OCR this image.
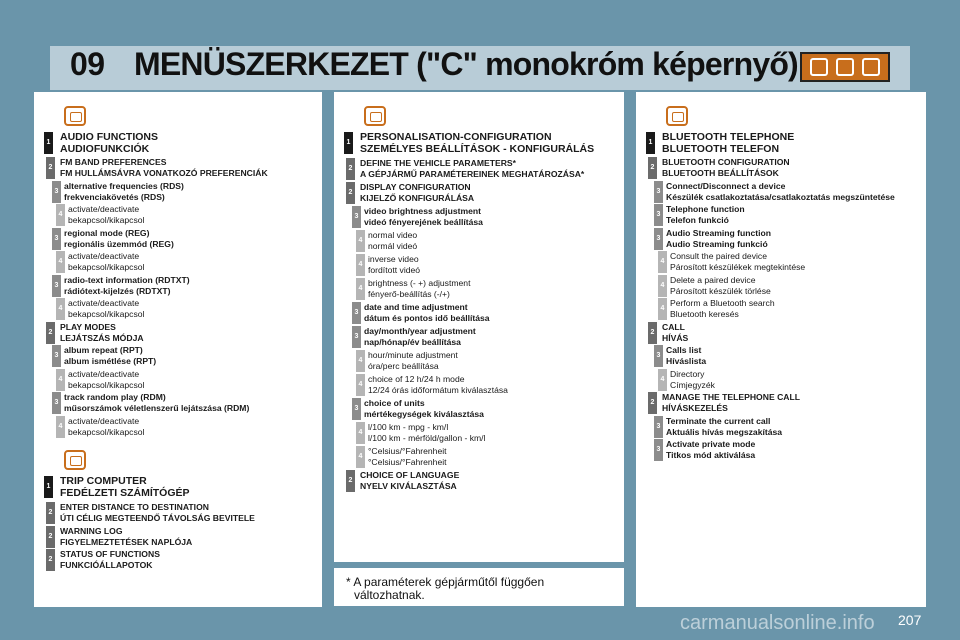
09 MENÜSZERKEZET ("C" monokróm képernyő)
1 AUDIO FUNCTIONS
AUDIOFUNKCIÓK
2
FM BAND PREFERENCES
FM HULLÁMSÁVRA VONATKOZÓ PREFERENCIÁK
3
alternative frequencies (RDS)
frekvenciakövetés (RDS)
4
activate/deactivate
bekapcsol/kikapcsol
3
regional mode (REG)
regionális üzemmód (REG)
4
activate/deactivate
bekapcsol/kikapcsol
3
radio-text information (RDTXT)
rádiótext-kijelzés (RDTXT)
4
activate/deactivate
bekapcsol/kikapcsol
2
PLAY MODES
LEJÁTSZÁS MÓDJA
3
album repeat (RPT)
album ismétlése (RPT)
4
activate/deactivate
bekapcsol/kikapcsol
3
track random play (RDM)
műsorszámok véletlenszerű lejátszása (RDM)
4
activate/deactivate
bekapcsol/kikapcsol
1 TRIP COMPUTER
FEDÉLZETI SZÁMÍTÓGÉP
2
ENTER DISTANCE TO DESTINATION
ÚTI CÉLIG MEGTEENDŐ TÁVOLSÁG BEVITELE
2
WARNING LOG
FIGYELMEZTETÉSEK NAPLÓJA
2
STATUS OF FUNCTIONS
FUNKCIÓÁLLAPOTOK
1 PERSONALISATION-CONFIGURATION
SZEMÉLYES BEÁLLÍTÁSOK - KONFIGURÁLÁS
2
DEFINE THE VEHICLE PARAMETERS*
A GÉPJÁRMŰ PARAMÉTEREINEK MEGHATÁROZÁSA*
2
DISPLAY CONFIGURATION
KIJELZŐ KONFIGURÁLÁSA
3
video brightness adjustment
videó fényerejének beállítása
4
normal video
normál videó
4
inverse video
fordított videó
4
brightness (- +) adjustment
fényerő-beállítás (-/+)
3
date and time adjustment
dátum és pontos idő beállítása
3
day/month/year adjustment
nap/hónap/év beállítása
4
hour/minute adjustment
óra/perc beállítása
4
choice of 12 h/24 h mode
12/24 órás időformátum kiválasztása
3
choice of units
mértékegységek kiválasztása
4
l/100 km - mpg - km/l
l/100 km - mérföld/gallon - km/l
4
°Celsius/°Fahrenheit
°Celsius/°Fahrenheit
2
CHOICE OF LANGUAGE
NYELV KIVÁLASZTÁSA
1 BLUETOOTH TELEPHONE
BLUETOOTH TELEFON
2
BLUETOOTH CONFIGURATION
BLUETOOTH BEÁLLÍTÁSOK
3
Connect/Disconnect a device
Készülék csatlakoztatása/csatlakoztatás megszüntetése
3
Telephone function
Telefon funkció
3
Audio Streaming function
Audio Streaming funkció
4
Consult the paired device
Párosított készülékek megtekintése
4
Delete a paired device
Párosított készülék törlése
4
Perform a Bluetooth search
Bluetooth keresés
2
CALL
HÍVÁS
3
Calls list
Híváslista
4
Directory
Címjegyzék
2
MANAGE THE TELEPHONE CALL
HÍVÁSKEZELÉS
3
Terminate the current call
Aktuális hívás megszakítása
3
Activate private mode
Titkos mód aktiválása
* A paraméterek gépjárműtől függően
változhatnak.
207
carmanualsonline.info
